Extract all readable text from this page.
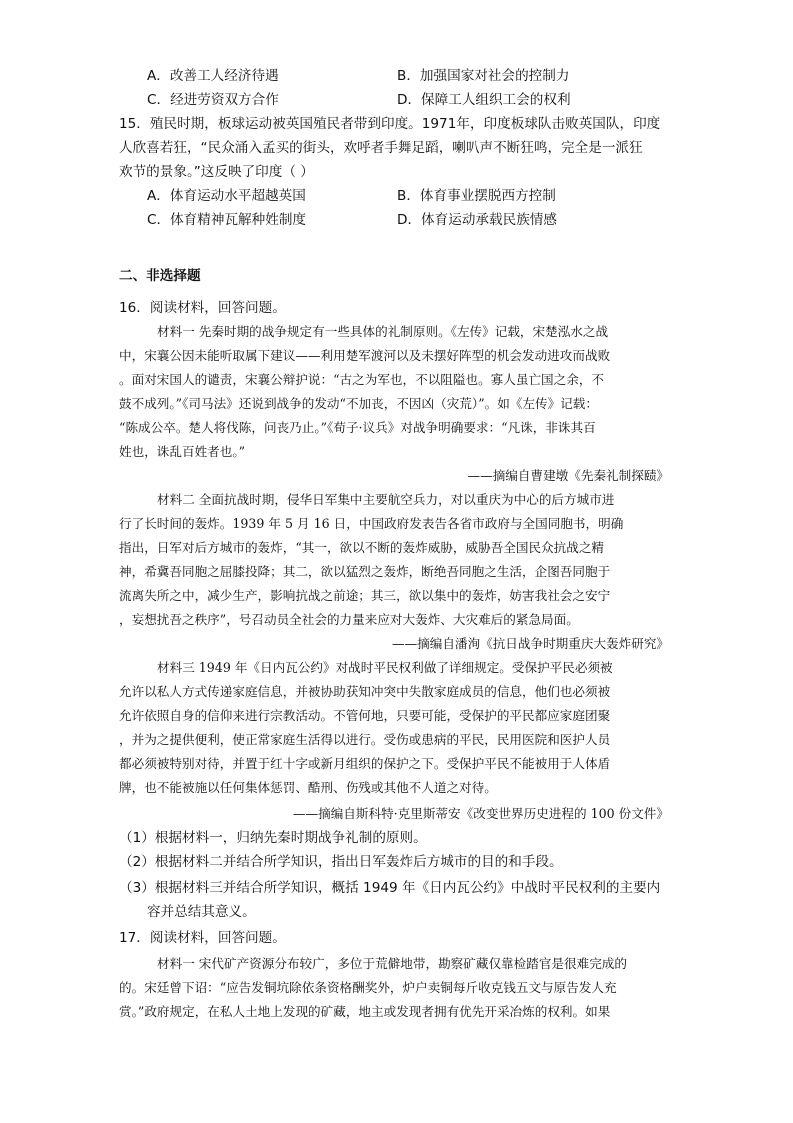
A．改善工人经济待遇	B．加强国家对社会的控制力
C．经进劳资双方合作	D．保障工人组织工会的权利
15．殖民时期，板球运动被英国殖民者带到印度。1971年，印度板球队击败英国队，印度
人欣喜若狂，“民众涌入孟买的街头，欢呼者手舞足蹈，喇叭声不断狂鸣，完全是一派狂
欢节的景象。”这反映了印度（ ）
A．体育运动水平超越英国	B．体育事业摆脱西方控制
C．体育精神瓦解种姓制度	D．体育运动承载民族情感
二、非选择题
16．阅读材料，回答问题。
材料一 先秦时期的战争规定有一些具体的礼制原则。《左传》记载，宋楚泓水之战
中，宋襄公因未能听取属下建议——利用楚军渡河以及未摆好阵型的机会发动进攻而战败
。面对宋国人的谴责，宋襄公辩护说：“古之为军也，不以阻隘也。寡人虽亡国之余，不
鼓不成列。”《司马法》还说到战争的发动“不加丧，不因凶（灾荒）”。如《左传》记载：
“陈成公卒。楚人将伐陈，问丧乃止。”《荀子·议兵》对战争明确要求：“凡诛，非诛其百
姓也，诛乱百姓者也。”
——摘编自曹建墩《先秦礼制探赜》
材料二 全面抗战时期，侵华日军集中主要航空兵力，对以重庆为中心的后方城市进
行了长时间的轰炸。1939 年 5 月 16 日，中国政府发表告各省市政府与全国同胞书，明确
指出，日军对后方城市的轰炸，“其一，欲以不断的轰炸威胁，威胁吾全国民众抗战之精
神，希冀吾同胞之屈膝投降；其二，欲以猛烈之轰炸，断绝吾同胞之生活，企图吾同胞于
流离失所之中，减少生产，影响抗战之前途；其三，欲以集中的轰炸，妨害我社会之安宁
，妄想扰吾之秩序”，号召动员全社会的力量来应对大轰炸、大灾难后的紧急局面。
——摘编自潘洵《抗日战争时期重庆大轰炸研究》
材料三 1949 年《日内瓦公约》对战时平民权利做了详细规定。受保护平民必须被
允许以私人方式传递家庭信息，并被协助获知冲突中失散家庭成员的信息，他们也必须被
允许依照自身的信仰来进行宗教活动。不管何地，只要可能，受保护的平民都应家庭团聚
，并为之提供便利，使正常家庭生活得以进行。受伤或患病的平民，民用医院和医护人员
都必须被特别对待，并置于红十字或新月组织的保护之下。受保护平民不能被用于人体盾
牌，也不能被施以任何集体惩罚、酷刑、伤残或其他不人道之对待。
——摘编自斯科特·克里斯蒂安《改变世界历史进程的 100 份文件》
（1）根据材料一，归纳先秦时期战争礼制的原则。
（2）根据材料二并结合所学知识，指出日军轰炸后方城市的目的和手段。
（3）根据材料三并结合所学知识，概括 1949 年《日内瓦公约》中战时平民权利的主要内
容并总结其意义。
17．阅读材料，回答问题。
材料一 宋代矿产资源分布较广，多位于荒僻地带，勘察矿藏仅靠检踏官是很难完成的
的。宋廷曾下诏：“应告发铜坑除依条资格酬奖外，炉户卖铜每斤收克钱五文与原告发人充
赏。”政府规定，在私人土地上发现的矿藏，地主或发现者拥有优先开采冶炼的权利。如果
